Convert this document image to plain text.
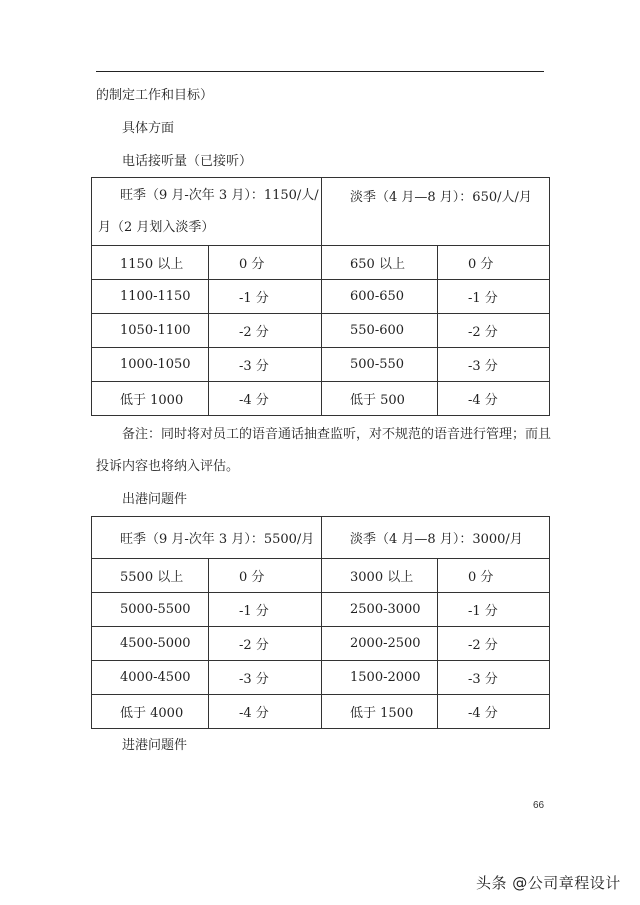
的制定工作和目标）
具体方面
电话接听量（已接听）
旺季（9 月-次年 3 月）：1150/人/月（2 月划入淡季）		淡季（4 月—8 月）：650/人/月	
1150 以上	0 分	650 以上	0 分
1100-1150	-1 分	600-650	-1 分
1050-1100	-2 分	550-600	-2 分
1000-1050	-3 分	500-550	-3 分
低于 1000	-4 分	低于 500	-4 分
备注：同时将对员工的语音通话抽查监听，对不规范的语音进行管理；而且
投诉内容也将纳入评估。
出港问题件
旺季（9 月-次年 3 月）：5500/月		淡季（4 月—8 月）：3000/月	
5500 以上	0 分	3000 以上	0 分
5000-5500	-1 分	2500-3000	-1 分
4500-5000	-2 分	2000-2500	-2 分
4000-4500	-3 分	1500-2000	-3 分
低于 4000	-4 分	低于 1500	-4 分
进港问题件
66
头条 @公司章程设计
